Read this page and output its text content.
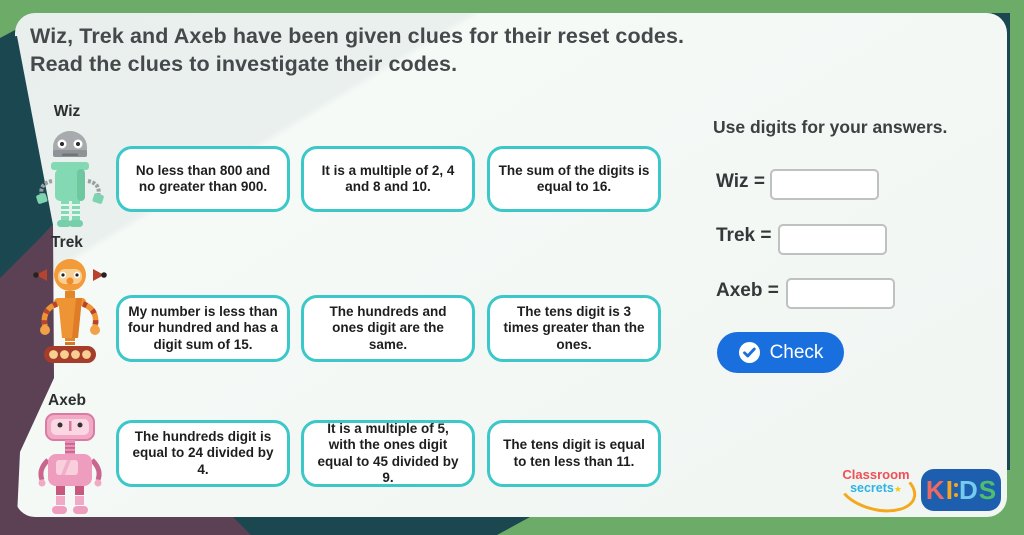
Wiz, Trek and Axeb have been given clues for their reset codes.
Read the clues to investigate their codes.
Wiz
Trek
Axeb
No less than 800 and no greater than 900.
It is a multiple of 2, 4 and 8 and 10.
The sum of the digits is equal to 16.
My number is less than four hundred and has a digit sum of 15.
The hundreds and ones digit are the same.
The tens digit is 3 times greater than the ones.
The hundreds digit is equal to 24 divided by 4.
It is a multiple of 5, with the ones digit equal to 45 divided by 9.
The tens digit is equal to ten less than 11.
Use digits for your answers.
Wiz =
Trek =
Axeb =
Check
Classroom
secrets★ K I D S
